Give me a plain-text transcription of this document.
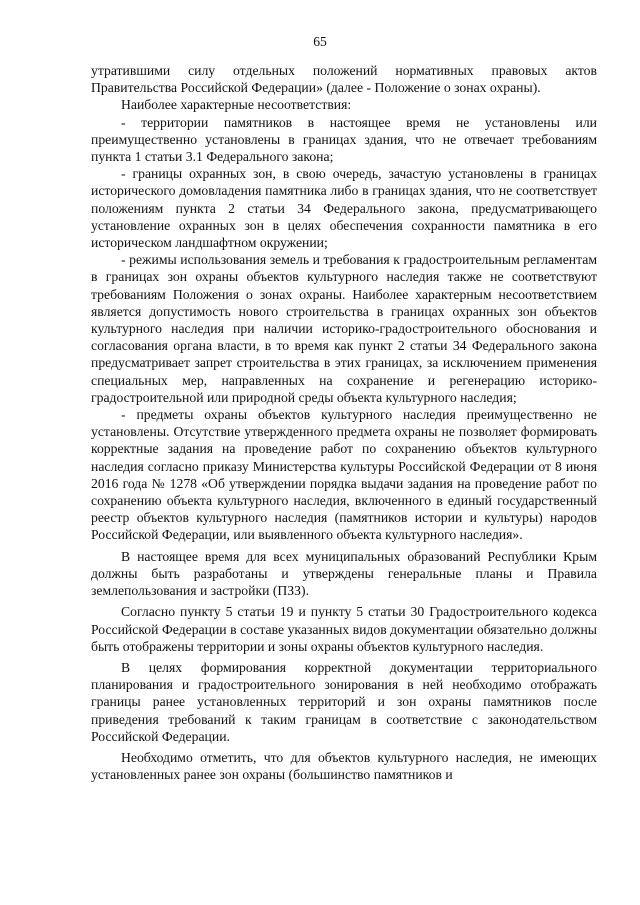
65

утратившими силу отдельных положений нормативных правовых актов Правительства Российской Федерации» (далее - Положение о зонах охраны).

Наиболее характерные несоответствия:

- территории памятников в настоящее время не установлены или преимущественно установлены в границах здания, что не отвечает требованиям пункта 1 статьи 3.1 Федерального закона;

- границы охранных зон, в свою очередь, зачастую установлены в границах исторического домовладения памятника либо в границах здания, что не соответствует положениям пункта 2 статьи 34 Федерального закона, предусматривающего установление охранных зон в целях обеспечения сохранности памятника в его историческом ландшафтном окружении;

- режимы использования земель и требования к градостроительным регламентам в границах зон охраны объектов культурного наследия также не соответствуют требованиям Положения о зонах охраны. Наиболее характерным несоответствием является допустимость нового строительства в границах охранных зон объектов культурного наследия при наличии историко-градостроительного обоснования и согласования органа власти, в то время как пункт 2 статьи 34 Федерального закона предусматривает запрет строительства в этих границах, за исключением применения специальных мер, направленных на сохранение и регенерацию историко-градостроительной или природной среды объекта культурного наследия;

- предметы охраны объектов культурного наследия преимущественно не установлены. Отсутствие утвержденного предмета охраны не позволяет формировать корректные задания на проведение работ по сохранению объектов культурного наследия согласно приказу Министерства культуры Российской Федерации от 8 июня 2016 года № 1278 «Об утверждении порядка выдачи задания на проведение работ по сохранению объекта культурного наследия, включенного в единый государственный реестр объектов культурного наследия (памятников истории и культуры) народов Российской Федерации, или выявленного объекта культурного наследия».

В настоящее время для всех муниципальных образований Республики Крым должны быть разработаны и утверждены генеральные планы и Правила землепользования и застройки (ПЗЗ).

Согласно пункту 5 статьи 19 и пункту 5 статьи 30 Градостроительного кодекса Российской Федерации в составе указанных видов документации обязательно должны быть отображены территории и зоны охраны объектов культурного наследия.

В целях формирования корректной документации территориального планирования и градостроительного зонирования в ней необходимо отображать границы ранее установленных территорий и зон охраны памятников после приведения требований к таким границам в соответствие с законодательством Российской Федерации.

Необходимо отметить, что для объектов культурного наследия, не имеющих установленных ранее зон охраны (большинство памятников и
